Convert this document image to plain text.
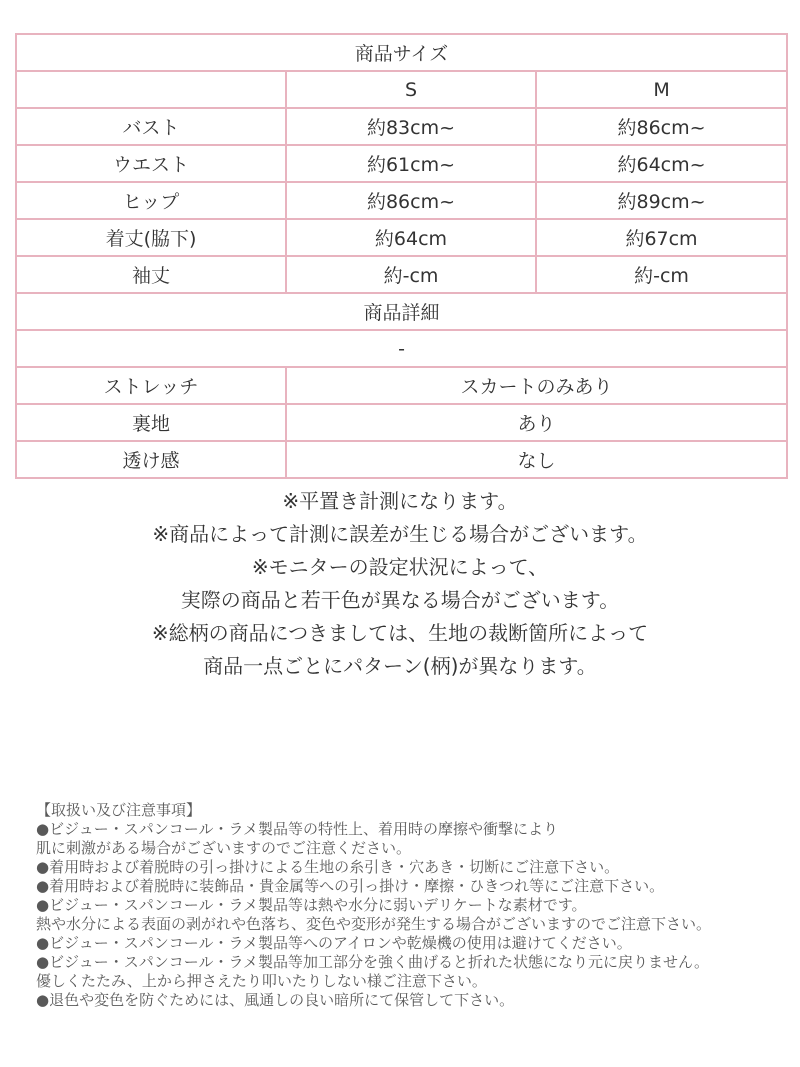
商品サイズ		
	S	M
バスト	約83cm~	約86cm~
ウエスト	約61cm~	約64cm~
ヒップ	約86cm~	約89cm~
着丈(脇下)	約64cm	約67cm
袖丈	約-cm	約-cm
商品詳細		
-		
ストレッチ	スカートのみあり	
裏地	あり	
透け感	なし	
※平置き計測になります。
※商品によって計測に誤差が生じる場合がございます。
※モニターの設定状況によって、
実際の商品と若干色が異なる場合がございます。
※総柄の商品につきましては、生地の裁断箇所によって
商品一点ごとにパターン(柄)が異なります。
【取扱い及び注意事項】
●ビジュー・スパンコール・ラメ製品等の特性上、着用時の摩擦や衝撃により
肌に刺激がある場合がございますのでご注意ください。
●着用時および着脱時の引っ掛けによる生地の糸引き・穴あき・切断にご注意下さい。
●着用時および着脱時に装飾品・貴金属等への引っ掛け・摩擦・ひきつれ等にご注意下さい。
●ビジュー・スパンコール・ラメ製品等は熱や水分に弱いデリケートな素材です。
熱や水分による表面の剥がれや色落ち、変色や変形が発生する場合がございますのでご注意下さい。
●ビジュー・スパンコール・ラメ製品等へのアイロンや乾燥機の使用は避けてください。
●ビジュー・スパンコール・ラメ製品等加工部分を強く曲げると折れた状態になり元に戻りません。
優しくたたみ、上から押さえたり叩いたりしない様ご注意下さい。
●退色や変色を防ぐためには、風通しの良い暗所にて保管して下さい。
